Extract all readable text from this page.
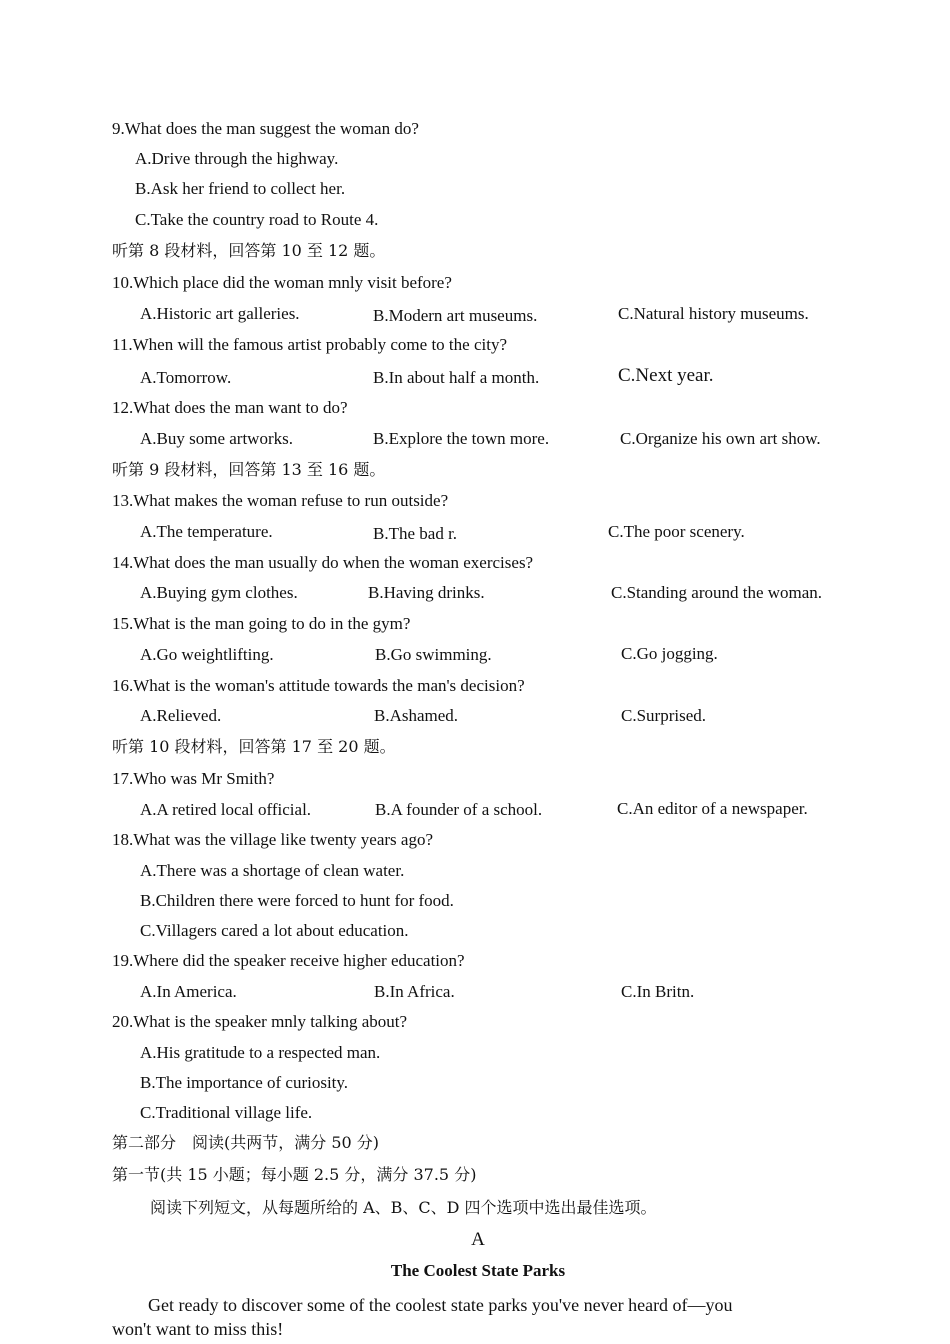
9.What does the man suggest the woman do?
A.Drive through the highway.
B.Ask her friend to collect her.
C.Take the country road to Route 4.
听第 8 段材料，回答第 10 至 12 题。
10.Which place did the woman mnly visit before?
A.Historic art galleries.	B.Modern art museums.	C.Natural history museums.
11.When will the famous artist probably come to the city?
A.Tomorrow.	B.In about half a month.	C.Next year.
12.What does the man want to do?
A.Buy some artworks.	B.Explore the town more.	C.Organize his own art show.
听第 9 段材料，回答第 13 至 16 题。
13.What makes the woman refuse to run outside?
A.The temperature.	B.The bad r.	C.The poor scenery.
14.What does the man usually do when the woman exercises?
A.Buying gym clothes.	B.Having drinks.	C.Standing around the woman.
15.What is the man going to do in the gym?
A.Go weightlifting.	B.Go swimming.	C.Go jogging.
16.What is the woman's attitude towards the man's decision?
A.Relieved.	B.Ashamed.	C.Surprised.
听第 10 段材料，回答第 17 至 20 题。
17.Who was Mr Smith?
A.A retired local official.	B.A founder of a school.	C.An editor of a newspaper.
18.What was the village like twenty years ago?
A.There was a shortage of clean water.
B.Children there were forced to hunt for food.
C.Villagers cared a lot about education.
19.Where did the speaker receive higher education?
A.In America.	B.In Africa.	C.In Britn.
20.What is the speaker mnly talking about?
A.His gratitude to a respected man.
B.The importance of curiosity.
C.Traditional village life.
第二部分　阅读(共两节，满分 50 分)
第一节(共 15 小题；每小题 2.5 分，满分 37.5 分)
阅读下列短文，从每题所给的 A、B、C、D 四个选项中选出最佳选项。
A
The Coolest State Parks
Get ready to discover some of the coolest state parks you've never heard of—you
won't want to miss this!
